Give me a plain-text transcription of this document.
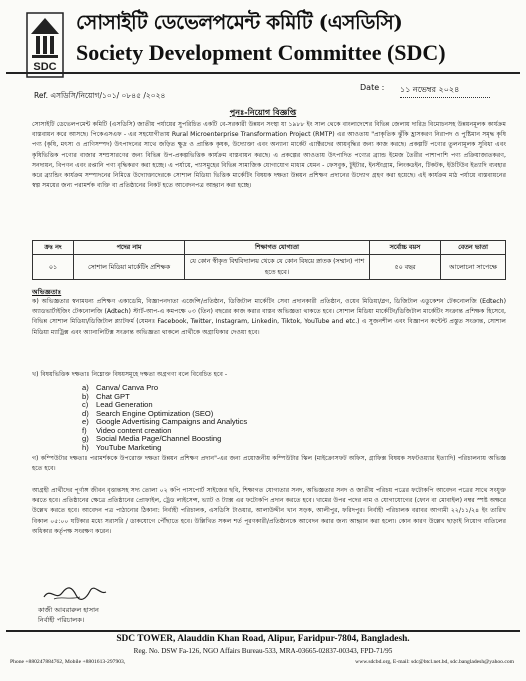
SDC
সোসাইটি ডেভেলপমেন্ট কমিটি (এসডিসি)
Society Development Committee (SDC)
Ref. এসডিসি/নিয়োগ/১০১/ ০৮৪৫ /২০২৪
Date : ১১ নভেম্বর ২০২৪
পুনঃ-নিয়োগ বিজ্ঞপ্তি
সোসাইটি ডেভেলপমেন্ট কমিটি (এসডিসি) জাতীয় পর্যায়ের সুপরিচিত একটি বে-সরকারী উন্নয়ন সংস্থা যা ১৯৮৮ ইং সাল থেকে বাংলাদেশের বিভিন্ন জেলায় দারিদ্র বিমোচনসহ উন্নয়নমূলক কার্যক্রম বাস্তবায়ন করে আসছে। পিকেএসএফ - এর সহযোগীতায় Rural Microenterprise Transformation Project (RMTP) এর আওতায় "প্রাকৃতিক ঝুঁকি হ্রাসকরণ নিরাপদ ও পুষ্টিমান সমৃদ্ধ কৃষি পণ্য (কৃষি, মৎস্য ও প্রাণিসম্পদ) উৎপাদনের সাথে জড়িত ক্ষুদ্র ও প্রান্তিক কৃষক, উদ্যোক্তা এবং অন্যান্য মার্কেট এ্যাক্টরদের আয়বৃদ্ধির জন্য কাজ করছে। প্রকল্পটি পণ্যের তুলনামূলক সুবিধা এবং কৃষিভিত্তিক পণ্যের বাজার সম্প্রসারণের জন্য বিভিন্ন উপ-প্রকল্পভিত্তিক কার্যক্রম বাস্তবায়ন করছে। এ প্রকল্পের আওতায় উৎপাদিত পণ্যের ব্র্যান্ড ইমেজ তৈরীর পাশাপাশি পণ্য প্রক্রিয়াজাতকরণ, সনদায়ন, বিপণন এবং রপ্তানি পণ্য বৃদ্ধিকরণ করা হচ্ছে। এ পর্যায়ে, প্যাসমুহের বিভিন্ন সামাজিক যোগাযোগ মাধ্যম যেমন - ফেসবুক, টুইটার, ইনস্টাগ্রাম, লিংকডইন, টিকটক, ইউটিউব ইত্যাদি ব্যবহার করে ব্র্যান্ডিং কার্যক্রম সম্পাদনের নিমিত্তে উদ্যোক্তাদেরকে সোশাল মিডিয়া ভিত্তিক মার্কেটিং বিষয়ক দক্ষতা উন্নয়ন প্রশিক্ষণ প্রদানের উদ্যোগ গ্রহণ করা হয়েছে। এই কার্যক্রম মাঠ পর্যায়ে বাস্তবায়নের স্বল্প সময়ের জন্য পরামর্শক ব্যক্তি বা প্রতিষ্ঠানের নিকট হতে আবেদনপত্র আহ্বান করা হচ্ছে।
ক্রঃ নং	পদের নাম	শিক্ষাগত যোগ্যতা	সর্বোচ্চ বয়স	বেতন ভাতা
০১	সোশাল মিডিয়া মার্কেটিং প্রশিক্ষক	যে কোন স্বীকৃত বিশ্ববিদ্যালয় থেকে যে কোন বিষয়ে স্নাতক (সম্মান) পাশ হতে হবে।	৫০ বছর	আলোচনা সাপেক্ষে
অভিজ্ঞতাঃ
ক) অভিজ্ঞতার স্বনামধন্য প্রশিক্ষণ একাডেমি, বিজ্ঞাপনদাতা এজেন্সি/প্রতিষ্ঠান, ডিজিটাল মার্কেটিং সেবা প্রদানকারী প্রতিষ্ঠান, ওয়েব মিডিয়া/ব্লগ, ডিজিটাল এডুকেশন টেকনোলজি (Edtech) অ্যাডভার্টাইজিং টেকনোলজি (Adtech) স্টার্ট-আপ-এ কমপক্ষে ০৩ (তিন) বছরের কাজ করার বাস্তব অভিজ্ঞতা থাকতে হবে। সোশাল মিডিয়া মার্কেটিং/ডিজিটাল মার্কেটিং সংক্রান্ত প্রশিক্ষক হিসেবে, বিভিন্ন সোশাল মিডিয়া/ডিজিটাল প্ল্যাটফর্ম (যেমনঃ Facebook, Twitter, Instagram, Linkedin, Tiktok, YouTube and etc.) এ সুজনশীল এবং বিজ্ঞাপন কন্টেন্ট প্রস্তুত সংক্রান্ত, সোশাল মিডিয়া ম্যাট্রিক্স এবং অ্যানালিটিক্স সংক্রান্ত অভিজ্ঞতা থাকলে প্রার্থীকে অগ্রাধিকার দেওয়া হবে।
খ) বিষয়ভিত্তিক দক্ষতাঃ নিম্নোক্ত বিষয়সমূহে দক্ষতা অগ্রগণ্য বলে বিবেচিত হবে -
a) Canva/ Canva Pro
b) Chat GPT
c) Lead Generation
d) Search Engine Optimization (SEO)
e) Google Advertising Campaigns and Analytics
f) Video content creation
g) Social Media Page/Channel Boosting
h) YouTube Marketing
গ) কম্পিউটার দক্ষতাঃ পরামর্শককে উপরোক্ত দক্ষতা উন্নয়ন প্রশিক্ষণ প্রদান"-এর জন্য প্রয়োজনীয় কম্পিউটার স্কিল (মাইক্রোসফট অফিস, গ্রাফিক্স বিষয়ক সফটওয়্যার ইত্যাদি) পরিচালনায় অভিজ্ঞ হতে হবে।
আগ্রহী প্রার্থীদের পূর্ণাঙ্গ জীবন বৃত্তান্তসহ সদ্য তোলা ০২ কপি পাসপোর্ট সাইজের ছবি, শিক্ষাগত যোগ্যতার সনদ, অভিজ্ঞতার সনদ ও জাতীয় পরিচয় পত্রের ফটোকপি আবেদন পত্রের সাথে সংযুক্ত করতে হবে। প্রতিষ্ঠানের ক্ষেত্রে প্রতিষ্ঠানের প্রোফাইল, ট্রেড লাইসেন্স, ভ্যাট ও ট্যাক্স এর ফটোকপি প্রদান করতে হবে। খামের উপর পদের নাম ও যোগাযোগের (ফোন বা মোবাইল) নম্বর স্পষ্ট অক্ষরে উল্লেখ করতে হবে। আবেদন পত্র পাঠানোর ঠিকানা: নির্বাহী পরিচালক, এসডিসি টাওয়ার, আলাউদ্দীন খান সড়ক, আলীপুর, ফরিদপুর। নির্বাহী পরিচালক বরাবর আগামী ২২/১১/২৪ ইং তারিখ বিকাল ০৫:০০ ঘটিকার মধ্যে সরাসরি / ডাকযোগে পৌঁছাতে হবে। উল্লিখিত সকল শর্ত পূরণকারী/প্রতিষ্ঠানকে আবেদন করার জন্য আহ্বান করা হলো। কোন কারণ উল্লেখ ছাড়াই নিয়োগ বাতিলের অধিকার কর্তৃপক্ষ সংরক্ষণ করেন।
কাজী আবরারুল হাসান
নির্বাহী পরিচালক।
SDC TOWER, Alauddin Khan Road, Alipur, Faridpur-7804, Bangladesh.
Reg. No. DSW Fa-126, NGO Affairs Bureau-533, MRA-03665-02837-00343, FPD-71/95
Phone +880247884762, Mobile +8801613-297903,	www.sdcbd.org, E-mail: sdc@btcl.net.bd, sdc.bangladesh@yahoo.com
